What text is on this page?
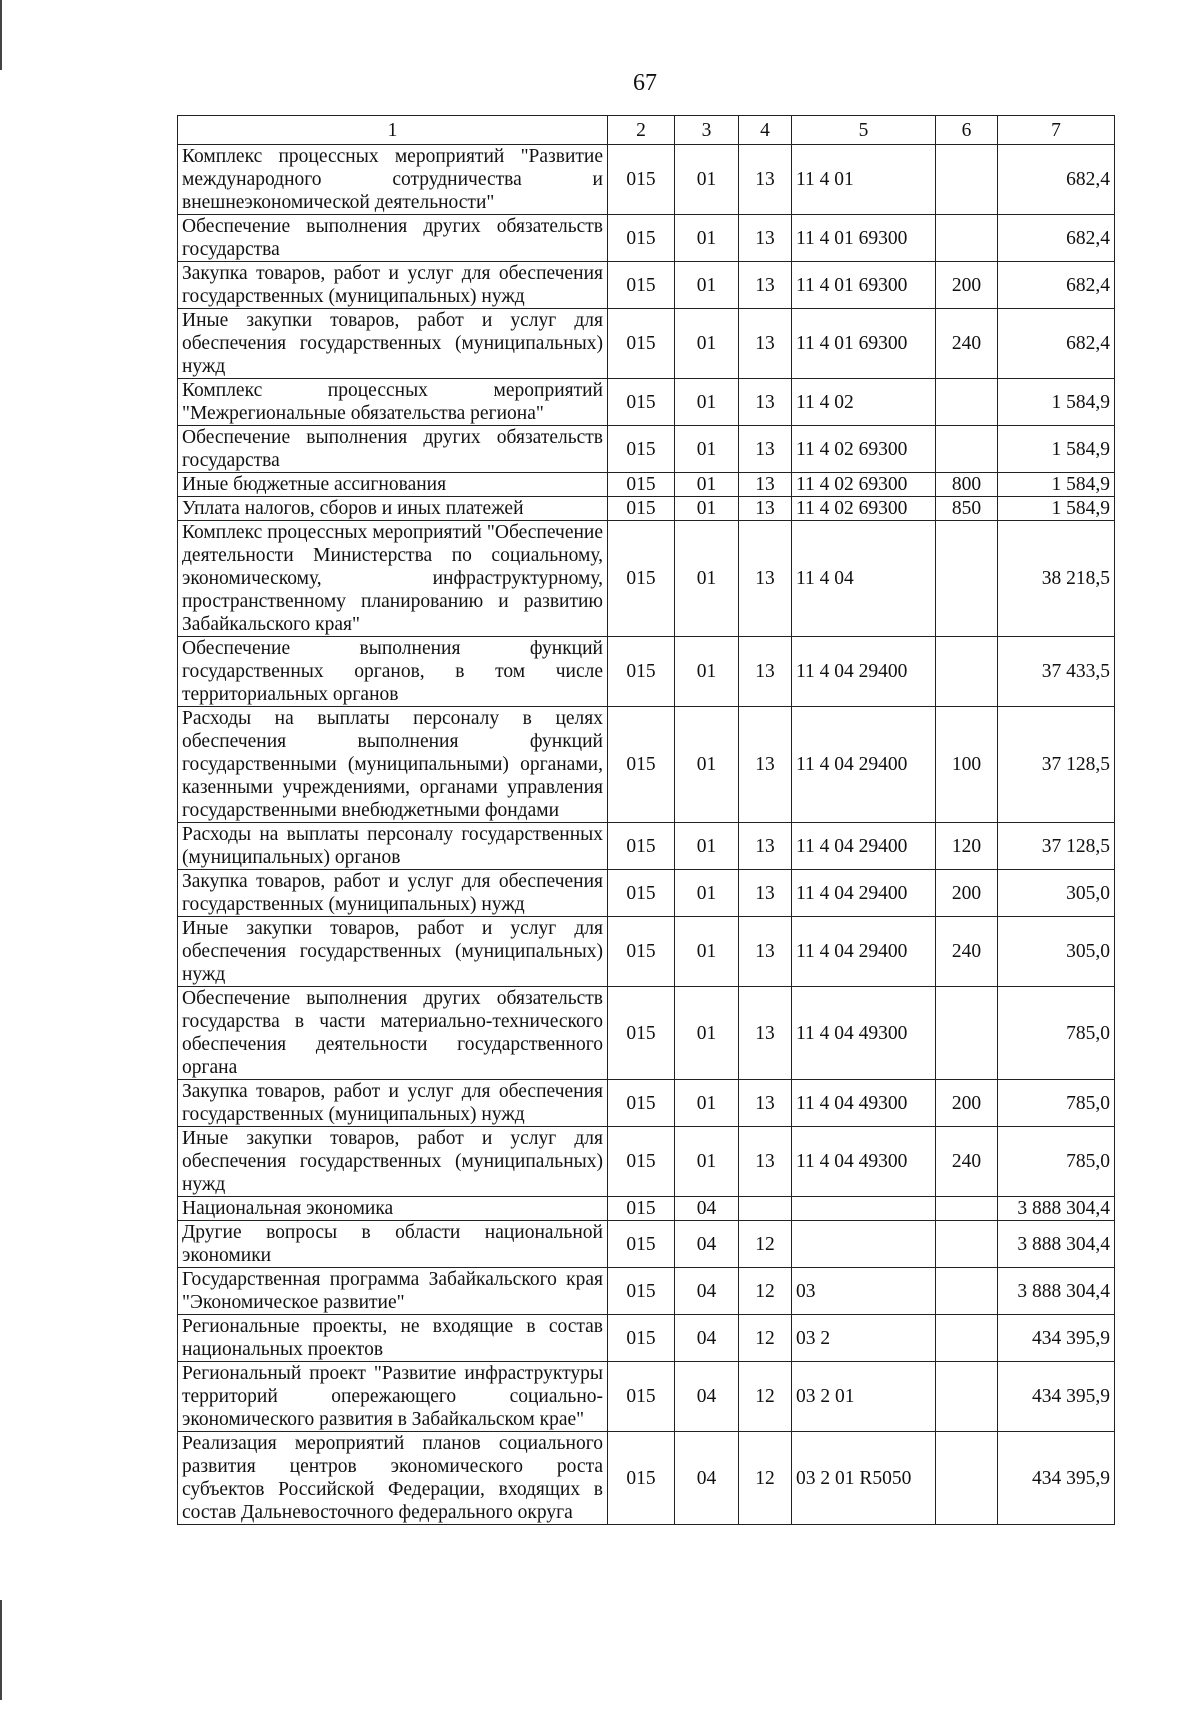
67
1	2	3	4	5	6	7
Комплекс процессных мероприятий "Развитие международного сотрудничества и внешнеэкономической деятельности"	015	01	13	11 4 01		682,4
Обеспечение выполнения других обязательств государства	015	01	13	11 4 01 69300		682,4
Закупка товаров, работ и услуг для обеспечения государственных (муниципальных) нужд	015	01	13	11 4 01 69300	200	682,4
Иные закупки товаров, работ и услуг для обеспечения государственных (муниципальных) нужд	015	01	13	11 4 01 69300	240	682,4
Комплекс процессных мероприятий "Межрегиональные обязательства региона"	015	01	13	11 4 02		1 584,9
Обеспечение выполнения других обязательств государства	015	01	13	11 4 02 69300		1 584,9
Иные бюджетные ассигнования	015	01	13	11 4 02 69300	800	1 584,9
Уплата налогов, сборов и иных платежей	015	01	13	11 4 02 69300	850	1 584,9
Комплекс процессных мероприятий "Обеспечение деятельности Министерства по социальному, экономическому, инфраструктурному, пространственному планированию и развитию Забайкальского края"	015	01	13	11 4 04		38 218,5
Обеспечение выполнения функций государственных органов, в том числе территориальных органов	015	01	13	11 4 04 29400		37 433,5
Расходы на выплаты персоналу в целях обеспечения выполнения функций государственными (муниципальными) органами, казенными учреждениями, органами управления государственными внебюджетными фондами	015	01	13	11 4 04 29400	100	37 128,5
Расходы на выплаты персоналу государственных (муниципальных) органов	015	01	13	11 4 04 29400	120	37 128,5
Закупка товаров, работ и услуг для обеспечения государственных (муниципальных) нужд	015	01	13	11 4 04 29400	200	305,0
Иные закупки товаров, работ и услуг для обеспечения государственных (муниципальных) нужд	015	01	13	11 4 04 29400	240	305,0
Обеспечение выполнения других обязательств государства в части материально-технического обеспечения деятельности государственного органа	015	01	13	11 4 04 49300		785,0
Закупка товаров, работ и услуг для обеспечения государственных (муниципальных) нужд	015	01	13	11 4 04 49300	200	785,0
Иные закупки товаров, работ и услуг для обеспечения государственных (муниципальных) нужд	015	01	13	11 4 04 49300	240	785,0
Национальная экономика	015	04				3 888 304,4
Другие вопросы в области национальной экономики	015	04	12			3 888 304,4
Государственная программа Забайкальского края "Экономическое развитие"	015	04	12	03		3 888 304,4
Региональные проекты, не входящие в состав национальных проектов	015	04	12	03 2		434 395,9
Региональный проект "Развитие инфраструктуры территорий опережающего социально-экономического развития в Забайкальском крае"	015	04	12	03 2 01		434 395,9
Реализация мероприятий планов социального развития центров экономического роста субъектов Российской Федерации, входящих в состав Дальневосточного федерального округа	015	04	12	03 2 01 R5050		434 395,9
